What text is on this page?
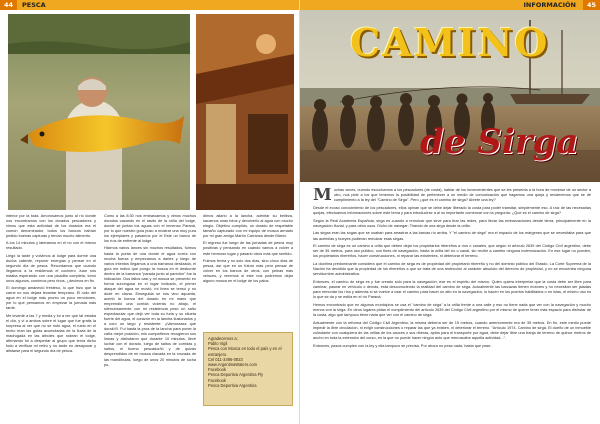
44	PESCA

interior por la toda. Amorosamos junto al río donde nos encontramos con los dorados pescadores y vimos que esta actividad de los dorados era el común denominador, todos los bancos habían pedido buenas capturas y tenían mucho alimento.

A los 14 minutos y lateramos en el río con el mismo resultado.

Llegó la tarde y volvimos al lodge para dormir una ducha caliente, reponer energías y pensar en el segundo día de pesca. Recordamos que cuando llegamos a la residencia el cocinero Juan nos estaba esperando con una picadita completa, tomó unos algunos, comimos pero rinos, ¿decimos en fin.

El domingo amaneció fresteso, lo que hizo que la carne no nos dejara levantar temprano. El rodo del agua en el lodge más pronto un poco remolones, por lo que pensamos en empezar la jornada más tarde.

Me levanté a las 7 y media y fui a ver que tal estaba el día, y vi a ambos sobre el lugar que fue gratis la sorpresa al ver que no se notó agua, el ruido en el techo eran las gotas acumuladas de la lluvia de la madrugada en las árboles que rodean el lodge, afirmando fui a despertar al grupo que tenía dicho todo a verificar mi retiro y no tarde en desayunar y alistarse para el segundo día de pesca.

Como a las 8:30 nos embarcamos y vimos muchos dorados cazando en el rasito de la orilla del lodge, donde se juntan los aguas con el inmenso Paraná, por lo que nuestro guía puso a mostrar una muy pura los ejemplares y pasamos por el Este un banco de los ríos de enfrente al lodge.

Hicimos varios lances sin muchos resultados, fuimos hasta la punta de una donde el agua corría con mucha fuerza y empezamos a darles y luego de varios intentos llegamos a una barranca deslizada, el guía me indicó que pongo la mosca en el desborde dentro de la barranca "parada junto al paredón" fue la indicación. Dos fallos casi y mi mosca se presentó en forma surcingosa en el lugar indicado, el primer ataque del agua se movió, mi línea se tensó y no dudé en clavar. Enseguida se nos vino aquanta, acertó la fuerza del dorado en mi mano que emprendió una corrida violenta río abajo, el silenciosamente con mi resistencia pesó un salto espectacular que dejó ver toda su furia y su silueta fuerte del agua, el corazón en la lancha ilusionados y a coro un largo y resistente: ¡¡Vamosssss que duraló!!!. Fui hasta la proa de la lancha para poner la caña mejor posición, mis compañeros recogieron sus líneas y disfrutaron que durante 10 minutos, llevé luchar con el dorado, luego de saltos de corridas y saltos, el bueno pescador/ló y de quizás desprendidos de mi mosca clavada en la cruzada de las mandíbulas, luego de unos 20 minutos de lucha pu-

dimos aliarlo a la lancha, admirar su belleza, sacarnos unas fotos y devolverlo al agua con mucho elegio. Objetivo cumplido, un dorado de respetable tamaño capturado con mi equipo de mosca armado por mi gran amigo Martín Carranza desde Miami.

El regreso fue luego de las jornadas de pesca muy positivas y pensando en cuándo vamos a volver a este hermoso lugar y pasarlo otros más que sentido.

Fuimos fecha y no solo dos días, sino cinco días de pesca, así que en un futuro más pero pensar de volver en los barcos de otros, con peleas más veloces, y veremos si este nos podremos dejar alguno mosca en el lodge de los palos.

Agradecemos a:
Pablo Vigil
Pesca con Mosca en todo el país y en el extranjero.
Cel 011-3496-0823
www.ArgentinaWaters.com
Facebook
Pesca Deportiva Argentina Fly
Facebook
Pesca Deportiva Argentina
INFORMACIÓN	45
CAMINO
de Sirga

M uchas veces, cuando escuchamos a los pescadores (de costa), hablar de los inconvenientes que se les presenta a la hora de moverse de un sector a otro, nos pide a los que tenemos la posibilidad de pertenecer a un medio de comunicación que hagamos una queja y reclamemos que se dé cumplimiento a la ley del "Camino de Sirga". Pero ¿qué es el camino de sirga? Abrete una ley?

Desde el ecoso conocimiento de los pescadores, ellos opinan que se debe dejar liberado la costa para poder transitar, simplemente eso. A raíz de las necesarias quejas, efectuamos informaciones sobre este tema y para introducirse a al os importante comenzar con la pregunta: ¿Que es el camino de sirga?

Según la Real Academia Española, sirga es cuando a remolcar que sirve para tirar las redes, para llevar las embarcaciones desde tierra, principalmente en la navegación fluvial, y para otros usos. Dícho de navegar: Tirando de una sirga desde la orilla.

Las sirgas eran las sogas que se usaban para arrastrar a las barcas río arriba. Y "el camino de sirga" era el espacio de los márgenes que se necesitaba para que las acémilas y bueyes pudieran remolcar esas sirgas.

El camino de sirga es un camino a orilla que deben dejar los propietarios ribereños a ríos o canales, que según el artículo 2639 del Código Civil argentino, debe ser de 35 metros, para uso público, con fines de navegación, hasta la orilla del río o canal, sin recibir a cambio ninguna indemnización. En ese lugar no pueden, los propietarios ribereños, hacer construcciones, ni reparar las existentes, ni deteriorar el terreno.

La doctrina predominante considera que el camino de sirga es de propiedad del propietario ribereño y no del dominio público del Estado. La Corte Suprema de la Nación ha decidido que la propiedad de los ribereños a que se trata de una restricción al carácter absoluto del derecho de propiedad, y no se encuentra ninguna servidumbre administrativa.

Entonces, el camino de sirga es y fue creado sólo para la navegación, ese es el espíritu del mismo. Quien quiera interpretar que la costa debe ser libre para caminar, pasear en vehículo o demás, está desconociendo la realidad del camino de sirga. Actualmente las barcazas tienen motores y no necesitan ser jaladas para remontar los ríos y además si se vuelve a usar el camino para hacer un alto en la navegación, lo hacen en los puertos habilitados o en islas, el mismo uso es lo que se da y se estila en el río Paraná.

Hemos encontrado que en algunos municipios se usa el "camino de sirga" a la orilla frente a una calle y eso no tiene nada que ver con la navegación y mucho menos con la sirga. En otros lugares pidan el cumplimiento del artículo 2639 del Código Civil argentino por el mismo de querer tener más espacio para disfrutar de la costa, algo que tampoco tiene nada que ver con el camino de sirga.

Actualmente con la reforma del Código Civil Argentino, la misma debería ser de 15 metros, cuando anteriormente era de 35 metros. En fin, este medio puede impedir la libre circulación, ni exigir construcciones o reparar las que ya existen, ni deteriorar el terreno. "Artículo 1974. Camino de sirga. El dueño de un inmueble colindante con cualquiera de las orillas de los cauces o sus riberas, aptos para el transporte por agua, debe dejar libre una franja de terreno de quince metros de ancho en toda la extensión del curso, en la que no puede hacer ningún acto que menoscabe aquella actividad...".

Entonces, pasos cumplen con la ley y ella tampoco se precisa. Por ahora no pesa nada, hasta que pase.
